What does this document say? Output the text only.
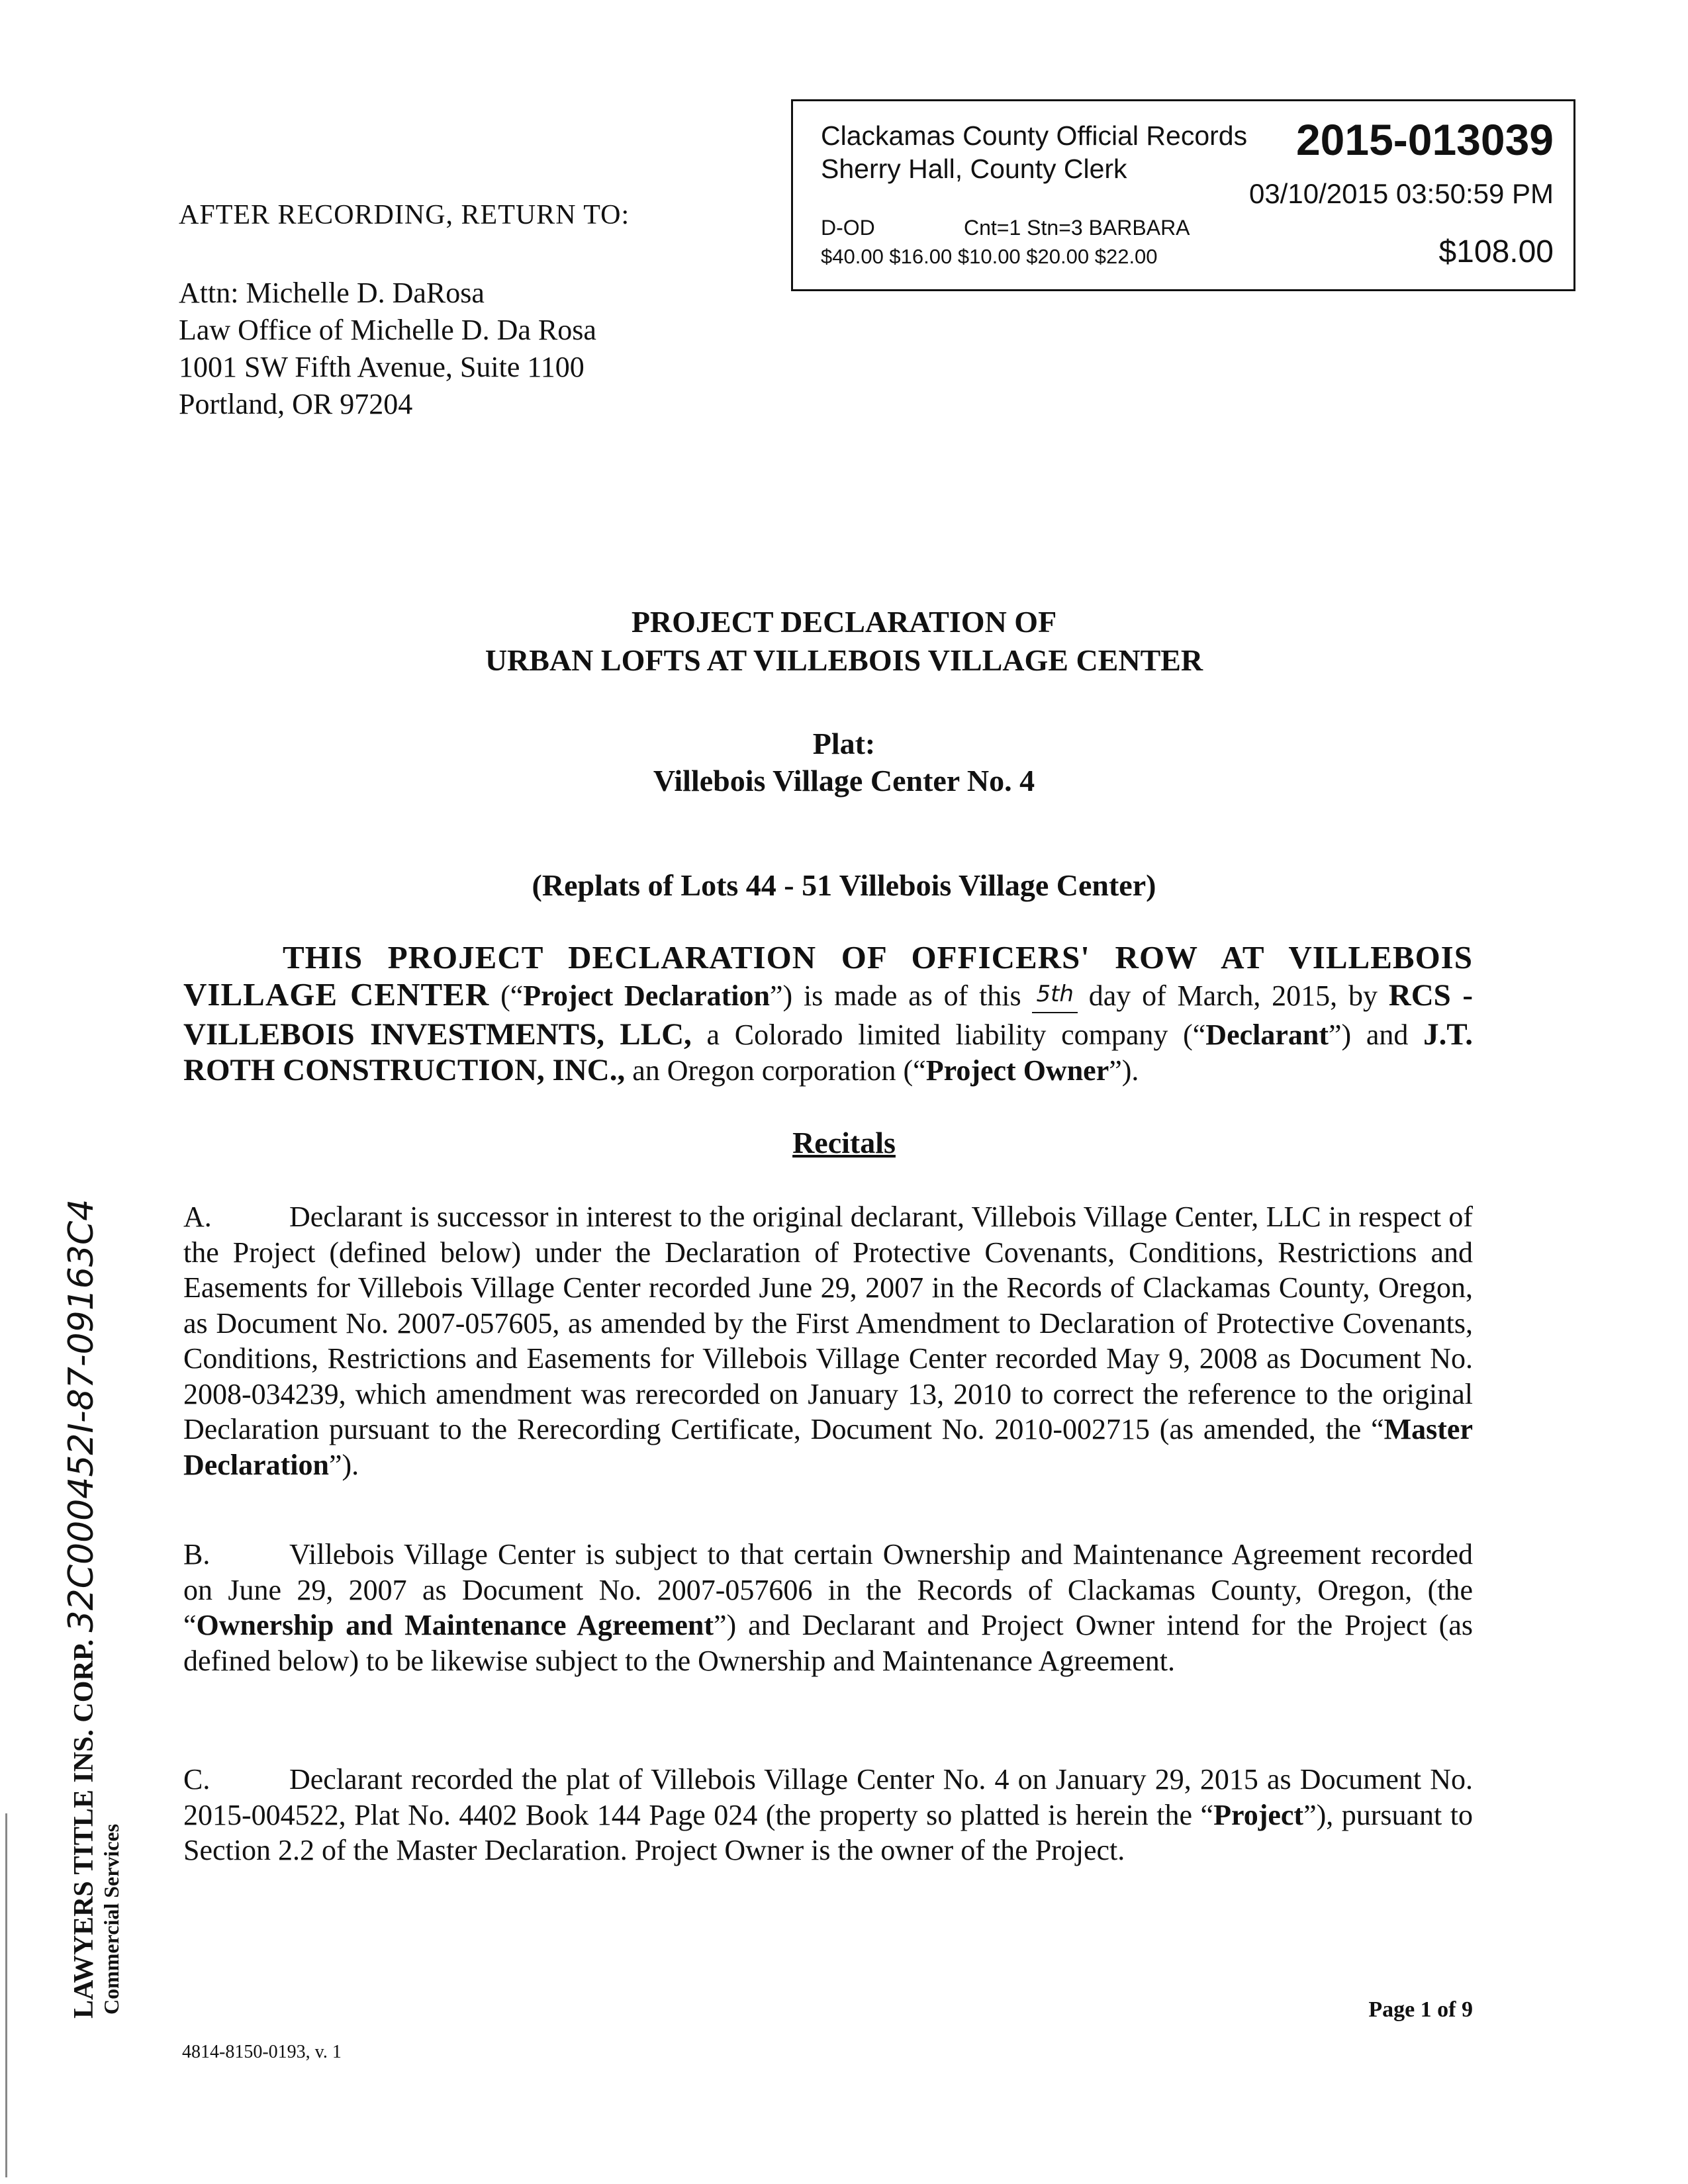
Clackamas County Official Records
Sherry Hall, County Clerk
2015-013039
03/10/2015 03:50:59 PM
D-OD	Cnt=1 Stn=3 BARBARA
$40.00 $16.00 $10.00 $20.00 $22.00	$108.00
AFTER RECORDING, RETURN TO:
Attn: Michelle D. DaRosa
Law Office of Michelle D. Da Rosa
1001 SW Fifth Avenue, Suite 1100
Portland, OR 97204
PROJECT DECLARATION OF
URBAN LOFTS AT VILLEBOIS VILLAGE CENTER
Plat:
Villebois Village Center No. 4
(Replats of Lots 44 - 51 Villebois Village Center)
THIS PROJECT DECLARATION OF OFFICERS' ROW AT VILLEBOIS VILLAGE CENTER (“Project Declaration”) is made as of this 5th day of March, 2015, by RCS - VILLEBOIS INVESTMENTS, LLC, a Colorado limited liability company (“Declarant”) and J.T. ROTH CONSTRUCTION, INC., an Oregon corporation (“Project Owner”).
Recitals
A.	Declarant is successor in interest to the original declarant, Villebois Village Center, LLC in respect of the Project (defined below) under the Declaration of Protective Covenants, Conditions, Restrictions and Easements for Villebois Village Center recorded June 29, 2007 in the Records of Clackamas County, Oregon, as Document No. 2007-057605, as amended by the First Amendment to Declaration of Protective Covenants, Conditions, Restrictions and Easements for Villebois Village Center recorded May 9, 2008 as Document No. 2008-034239, which amendment was rerecorded on January 13, 2010 to correct the reference to the original Declaration pursuant to the Rerecording Certificate, Document No. 2010-002715 (as amended, the “Master Declaration”).
B.	Villebois Village Center is subject to that certain Ownership and Maintenance Agreement recorded on June 29, 2007 as Document No. 2007-057606 in the Records of Clackamas County, Oregon, (the “Ownership and Maintenance Agreement”) and Declarant and Project Owner intend for the Project (as defined below) to be likewise subject to the Ownership and Maintenance Agreement.
C.	Declarant recorded the plat of Villebois Village Center No. 4 on January 29, 2015 as Document No. 2015-004522, Plat No. 4402 Book 144 Page 024 (the property so platted is herein the “Project”), pursuant to Section 2.2 of the Master Declaration. Project Owner is the owner of the Project.
LAWYERS TITLE INS. CORP. 32C000452I-87-09163C4
Commercial Services	Page 1 of 9
4814-8150-0193, v. 1
